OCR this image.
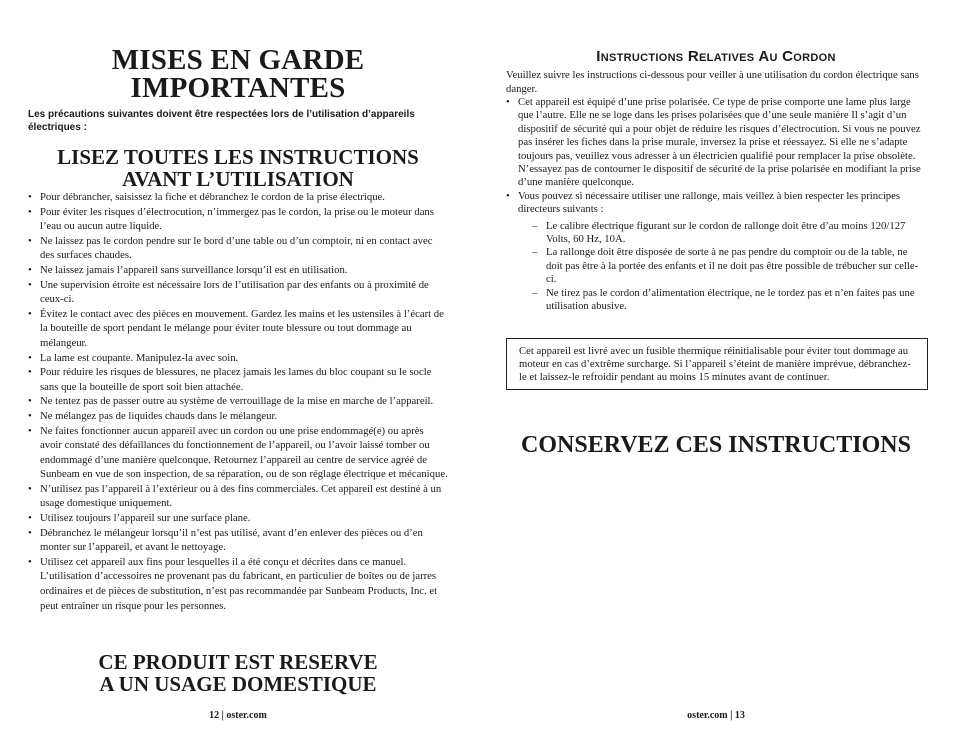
MISES EN GARDE
IMPORTANTES
Les précautions suivantes doivent être respectées lors de l’utilisation d’appareils électriques :
LISEZ TOUTES LES INSTRUCTIONS
AVANT L’UTILISATION
• Pour débrancher, saisissez la fiche et débranchez le cordon de la prise électrique.
• Pour éviter les risques d’électrocution, n’immergez pas le cordon, la prise ou le moteur dans l’eau ou aucun autre liquide.
• Ne laissez pas le cordon pendre sur le bord d’une table ou d’un comptoir, ni en contact avec des surfaces chaudes.
• Ne laissez jamais l’appareil sans surveillance lorsqu’il est en utilisation.
• Une supervision étroite est nécessaire lors de l’utilisation par des enfants ou à proximité de ceux-ci.
• Évitez le contact avec des pièces en mouvement. Gardez les mains et les ustensiles à l’écart de la bouteille de sport pendant le mélange pour éviter toute blessure ou tout dommage au mélangeur.
• La lame est coupante. Manipulez-la avec soin.
• Pour réduire les risques de blessures, ne placez jamais les lames du bloc coupant su le socle sans que la bouteille de sport soit bien attachée.
• Ne tentez pas de passer outre au système de verrouillage de la mise en marche de l’appareil.
• Ne mélangez pas de liquides chauds dans le mélangeur.
• Ne faites fonctionner aucun appareil avec un cordon ou une prise endommagé(e) ou après avoir constaté des défaillances du fonctionnement de l’appareil, ou l’avoir laissé tomber ou endommagé d’une manière quelconque. Retournez l’appareil au centre de service agréé de Sunbeam en vue de son inspection, de sa réparation, ou de son réglage électrique et mécanique.
• N’utilisez pas l’appareil à l’extérieur ou à des fins commerciales. Cet appareil est destiné à un usage domestique uniquement.
• Utilisez toujours l’appareil sur une surface plane.
• Débranchez le mélangeur lorsqu’il n’est pas utilisé, avant d’en enlever des pièces ou d’en monter sur l’appareil, et avant le nettoyage.
• Utilisez cet appareil aux fins pour lesquelles il a été conçu et décrites dans ce manuel. L’utilisation d’accessoires ne provenant pas du fabricant, en particulier de boîtes ou de jarres ordinaires et de pièces de substitution, n’est pas recommandée par Sunbeam Products, Inc. et peut entraîner un risque pour les personnes.
CE PRODUIT EST RESERVE
A UN USAGE DOMESTIQUE
12 | oster.com
Instructions Relatives Au Cordon
Veuillez suivre les instructions ci-dessous pour veiller à une utilisation du cordon électrique sans danger.
• Cet appareil est équipé d’une prise polarisée. Ce type de prise comporte une lame plus large que l’autre. Elle ne se loge dans les prises polarisées que d’une seule manière Il s’agit d’un dispositif de sécurité qui a pour objet de réduire les risques d’électrocution. Si vous ne pouvez pas insérer les fiches dans la prise murale, inversez la prise et réessayez. Si elle ne s’adapte toujours pas, veuillez vous adresser à un électricien qualifié pour remplacer la prise obsolète. N’essayez pas de contourner le dispositif de sécurité de la prise polarisée en modifiant la prise d’une manière quelconque.
• Vous pouvez si nécessaire utiliser une rallonge, mais veillez à bien respecter les principes directeurs suivants :
– Le calibre électrique figurant sur le cordon de rallonge doit être d’au moins 120/127 Volts, 60 Hz, 10A.
– La rallonge doit être disposée de sorte à ne pas pendre du comptoir ou de la table, ne doit pas être à la portée des enfants et il ne doit pas être possible de trébucher sur celle-ci.
– Ne tirez pas le cordon d’alimentation électrique, ne le tordez pas et n’en faites pas une utilisation abusive.
Cet appareil est livré avec un fusible thermique réinitialisable pour éviter tout dommage au moteur en cas d’extrême surcharge. Si l’appareil s’éteint de manière imprévue, débranchez-le et laissez-le refroidir pendant au moins 15 minutes avant de continuer.
CONSERVEZ CES INSTRUCTIONS
oster.com | 13
